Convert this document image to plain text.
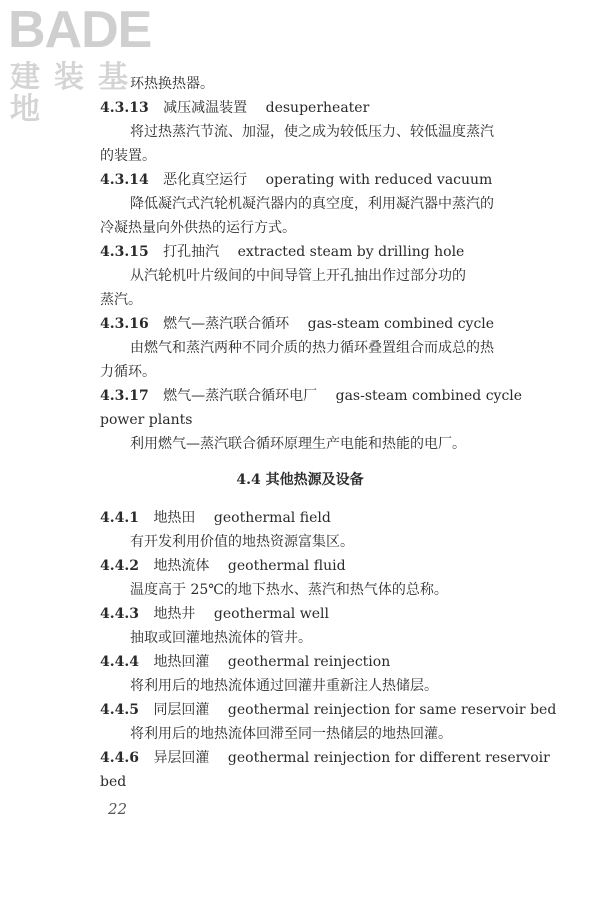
BADE
建装基地
环热换热器。
4.3.13 减压减温装置 desuperheater
将过热蒸汽节流、加湿，使之成为较低压力、较低温度蒸汽
的装置。
4.3.14 恶化真空运行 operating with reduced vacuum
降低凝汽式汽轮机凝汽器内的真空度，利用凝汽器中蒸汽的
冷凝热量向外供热的运行方式。
4.3.15 打孔抽汽 extracted steam by drilling hole
从汽轮机叶片级间的中间导管上开孔抽出作过部分功的
蒸汽。
4.3.16 燃气—蒸汽联合循环 gas-steam combined cycle
由燃气和蒸汽两种不同介质的热力循环叠置组合而成总的热
力循环。
4.3.17 燃气—蒸汽联合循环电厂 gas-steam combined cycle
power plants
利用燃气—蒸汽联合循环原理生产电能和热能的电厂。
4.4 其他热源及设备
4.4.1 地热田 geothermal field
有开发利用价值的地热资源富集区。
4.4.2 地热流体 geothermal fluid
温度高于 25℃的地下热水、蒸汽和热气体的总称。
4.4.3 地热井 geothermal well
抽取或回灌地热流体的管井。
4.4.4 地热回灌 geothermal reinjection
将利用后的地热流体通过回灌井重新注人热储层。
4.4.5 同层回灌 geothermal reinjection for same reservoir bed
将利用后的地热流体回滞至同一热储层的地热回灌。
4.4.6 异层回灌 geothermal reinjection for different reservoir
bed
22
